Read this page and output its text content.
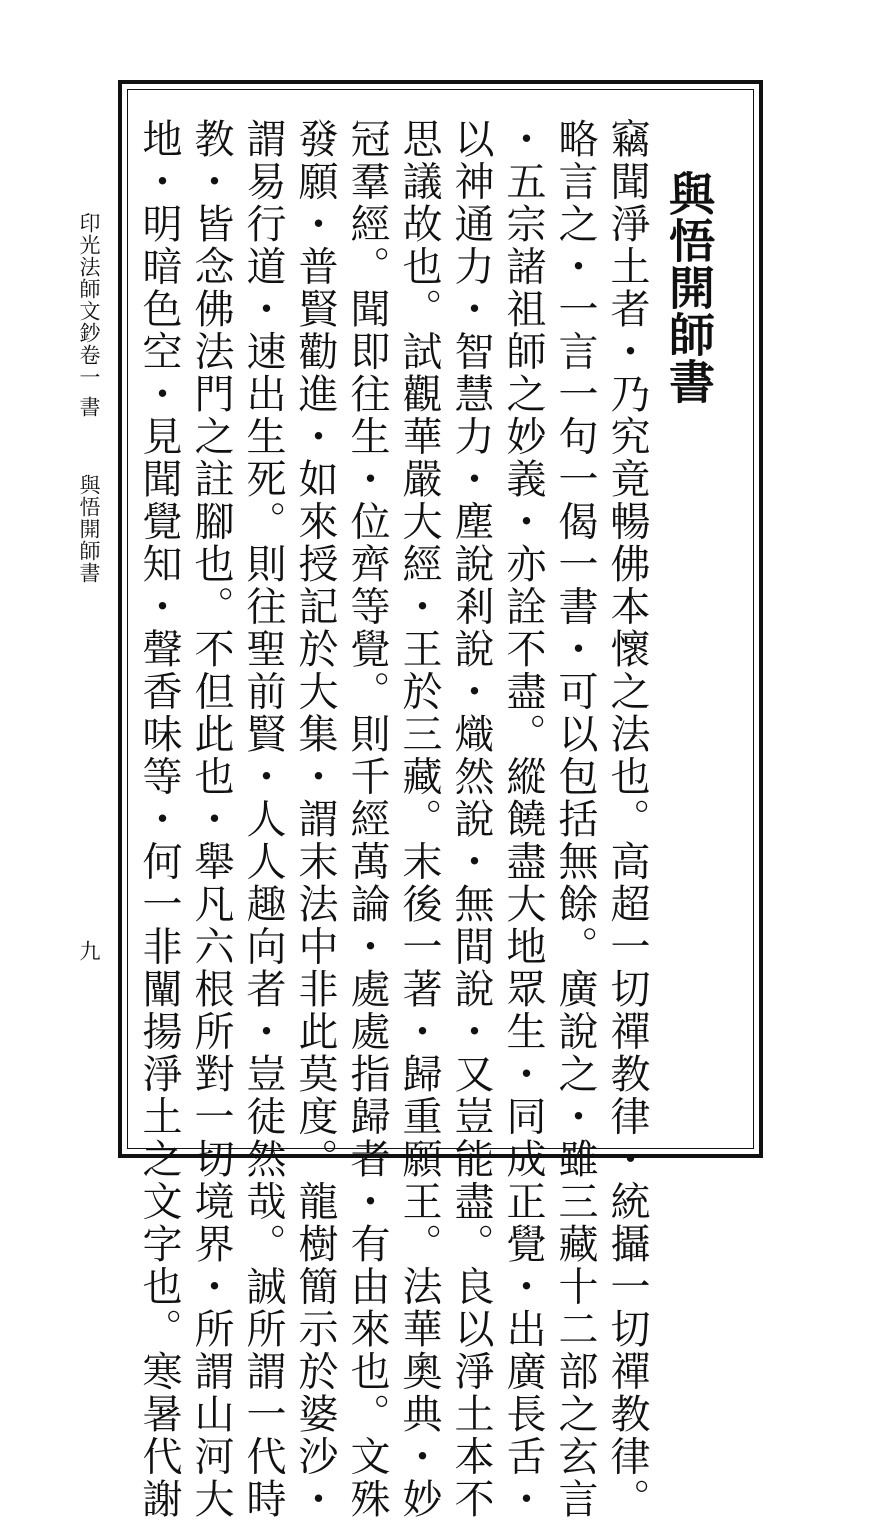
與悟開師書
竊聞淨土者・乃究竟暢佛本懷之法也。高超一切禪教律・統攝一切禪教律。
略言之・一言一句一偈一書・可以包括無餘。廣說之・雖三藏十二部之玄言
・五宗諸祖師之妙義・亦詮不盡。縱饒盡大地眾生・同成正覺・出廣長舌・
以神通力・智慧力・塵說剎說・熾然說・無間說・又豈能盡。良以淨土本不
思議故也。試觀華嚴大經・王於三藏。末後一著・歸重願王。法華奧典・妙
冠羣經。聞即往生・位齊等覺。則千經萬論・處處指歸者・有由來也。文殊
發願・普賢勸進・如來授記於大集・謂末法中非此莫度。龍樹簡示於婆沙・
謂易行道・速出生死。則往聖前賢・人人趣向者・豈徒然哉。誠所謂一代時
教・皆念佛法門之註腳也。不但此也・舉凡六根所對一切境界・所謂山河大
地・明暗色空・見聞覺知・聲香味等・何一非闡揚淨土之文字也。寒暑代謝
印光法師文鈔卷一
書
與悟開師書
九
